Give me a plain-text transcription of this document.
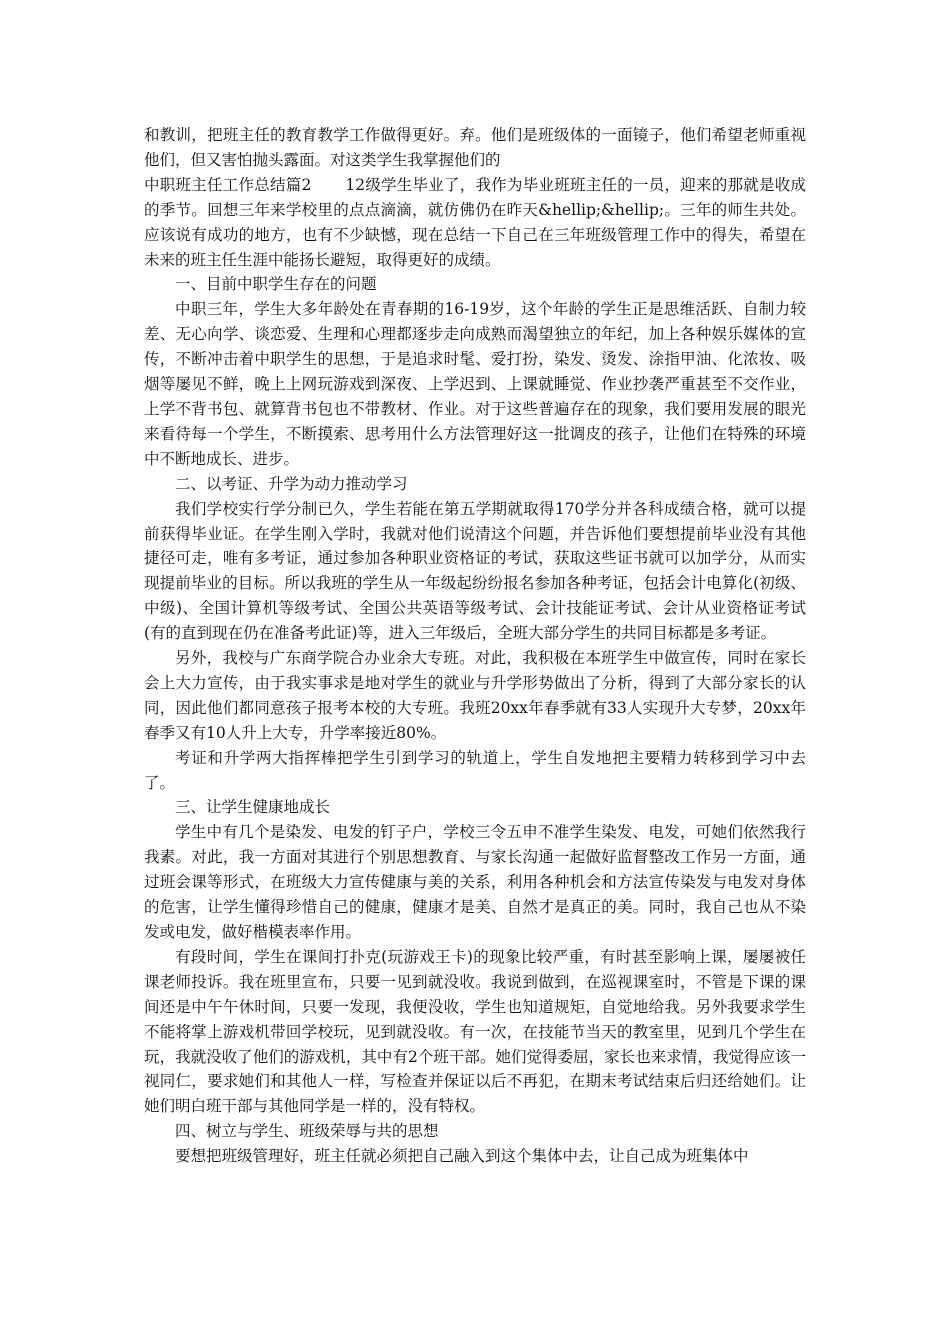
和教训，把班主任的教育教学工作做得更好。弃。他们是班级体的一面镜子，他们希望老师重视他们，但又害怕抛头露面。对这类学生我掌握他们的

中职班主任工作总结篇2 12级学生毕业了，我作为毕业班班主任的一员，迎来的那就是收成的季节。回想三年来学校里的点点滴滴，就仿佛仍在昨天&hellip;&hellip;。三年的师生共处。应该说有成功的地方，也有不少缺憾，现在总结一下自己在三年班级管理工作中的得失，希望在未来的班主任生涯中能扬长避短，取得更好的成绩。

一、目前中职学生存在的问题

中职三年，学生大多年龄处在青春期的16-19岁，这个年龄的学生正是思维活跃、自制力较差、无心向学、谈恋爱、生理和心理都逐步走向成熟而渴望独立的年纪，加上各种娱乐媒体的宣传，不断冲击着中职学生的思想，于是追求时髦、爱打扮，染发、烫发、涂指甲油、化浓妆、吸烟等屡见不鲜，晚上上网玩游戏到深夜、上学迟到、上课就睡觉、作业抄袭严重甚至不交作业，上学不背书包、就算背书包也不带教材、作业。对于这些普遍存在的现象，我们要用发展的眼光来看待每一个学生，不断摸索、思考用什么方法管理好这一批调皮的孩子，让他们在特殊的环境中不断地成长、进步。

二、以考证、升学为动力推动学习

我们学校实行学分制已久，学生若能在第五学期就取得170学分并各科成绩合格，就可以提前获得毕业证。在学生刚入学时，我就对他们说清这个问题，并告诉他们要想提前毕业没有其他捷径可走，唯有多考证，通过参加各种职业资格证的考试，获取这些证书就可以加学分，从而实现提前毕业的目标。所以我班的学生从一年级起纷纷报名参加各种考证，包括会计电算化(初级、中级)、全国计算机等级考试、全国公共英语等级考试、会计技能证考试、会计从业资格证考试(有的直到现在仍在准备考此证)等，进入三年级后，全班大部分学生的共同目标都是多考证。

另外，我校与广东商学院合办业余大专班。对此，我积极在本班学生中做宣传，同时在家长会上大力宣传，由于我实事求是地对学生的就业与升学形势做出了分析，得到了大部分家长的认同，因此他们都同意孩子报考本校的大专班。我班20xx年春季就有33人实现升大专梦，20xx年春季又有10人升上大专，升学率接近80%。

考证和升学两大指挥棒把学生引到学习的轨道上，学生自发地把主要精力转移到学习中去了。

三、让学生健康地成长

学生中有几个是染发、电发的钉子户，学校三令五申不准学生染发、电发，可她们依然我行我素。对此，我一方面对其进行个别思想教育、与家长沟通一起做好监督整改工作另一方面，通过班会课等形式，在班级大力宣传健康与美的关系，利用各种机会和方法宣传染发与电发对身体的危害，让学生懂得珍惜自己的健康，健康才是美、自然才是真正的美。同时，我自己也从不染发或电发，做好楷模表率作用。

有段时间，学生在课间打扑克(玩游戏王卡)的现象比较严重，有时甚至影响上课，屡屡被任课老师投诉。我在班里宣布，只要一见到就没收。我说到做到，在巡视课室时，不管是下课的课间还是中午午休时间，只要一发现，我便没收，学生也知道规矩，自觉地给我。另外我要求学生不能将掌上游戏机带回学校玩，见到就没收。有一次，在技能节当天的教室里，见到几个学生在玩，我就没收了他们的游戏机，其中有2个班干部。她们觉得委屈，家长也来求情，我觉得应该一视同仁，要求她们和其他人一样，写检查并保证以后不再犯，在期末考试结束后归还给她们。让她们明白班干部与其他同学是一样的，没有特权。

四、树立与学生、班级荣辱与共的思想

要想把班级管理好，班主任就必须把自己融入到这个集体中去，让自己成为班集体中
